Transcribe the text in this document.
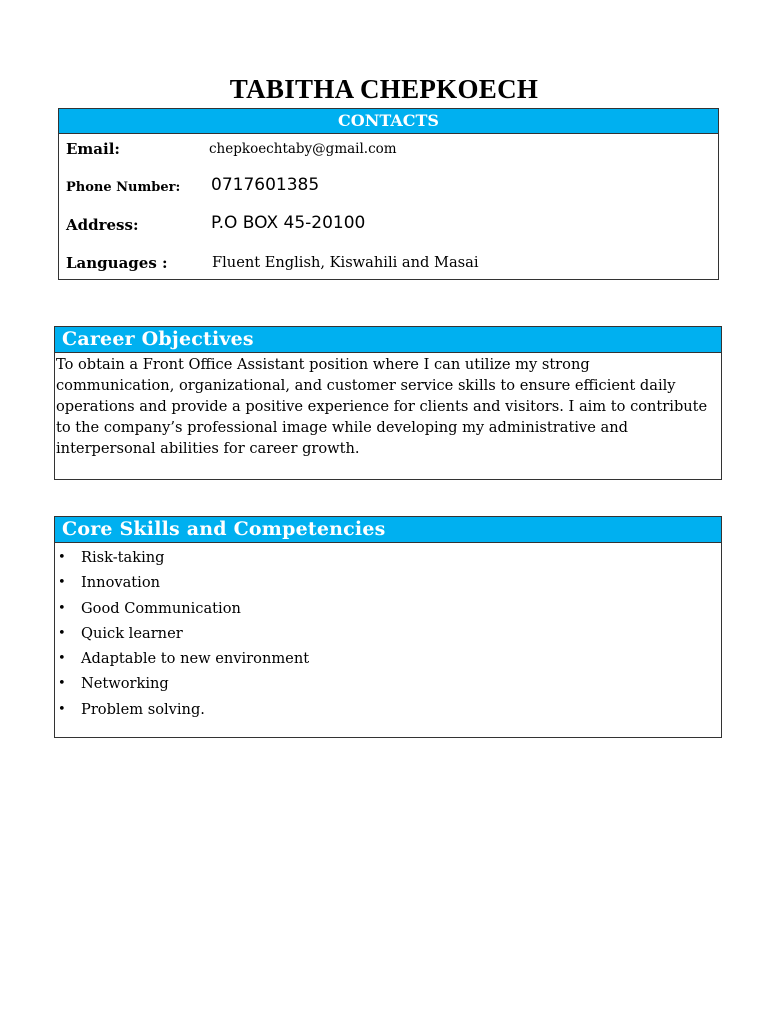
TABITHA CHEPKOECH
CONTACTS
Email:	chepkoechtaby@gmail.com
Phone Number: 0717601385
Address:	P.O BOX 45-20100
Languages :	Fluent English, Kiswahili and Masai
Career Objectives

To obtain a Front Office Assistant position where I can utilize my strong communication, organizational, and customer service skills to ensure efficient daily operations and provide a positive experience for clients and visitors. I aim to contribute to the company’s professional image while developing my administrative and interpersonal abilities for career growth.

Core Skills and Competencies
• Risk-taking
• Innovation
• Good Communication
• Quick learner
• Adaptable to new environment
• Networking
• Problem solving.
